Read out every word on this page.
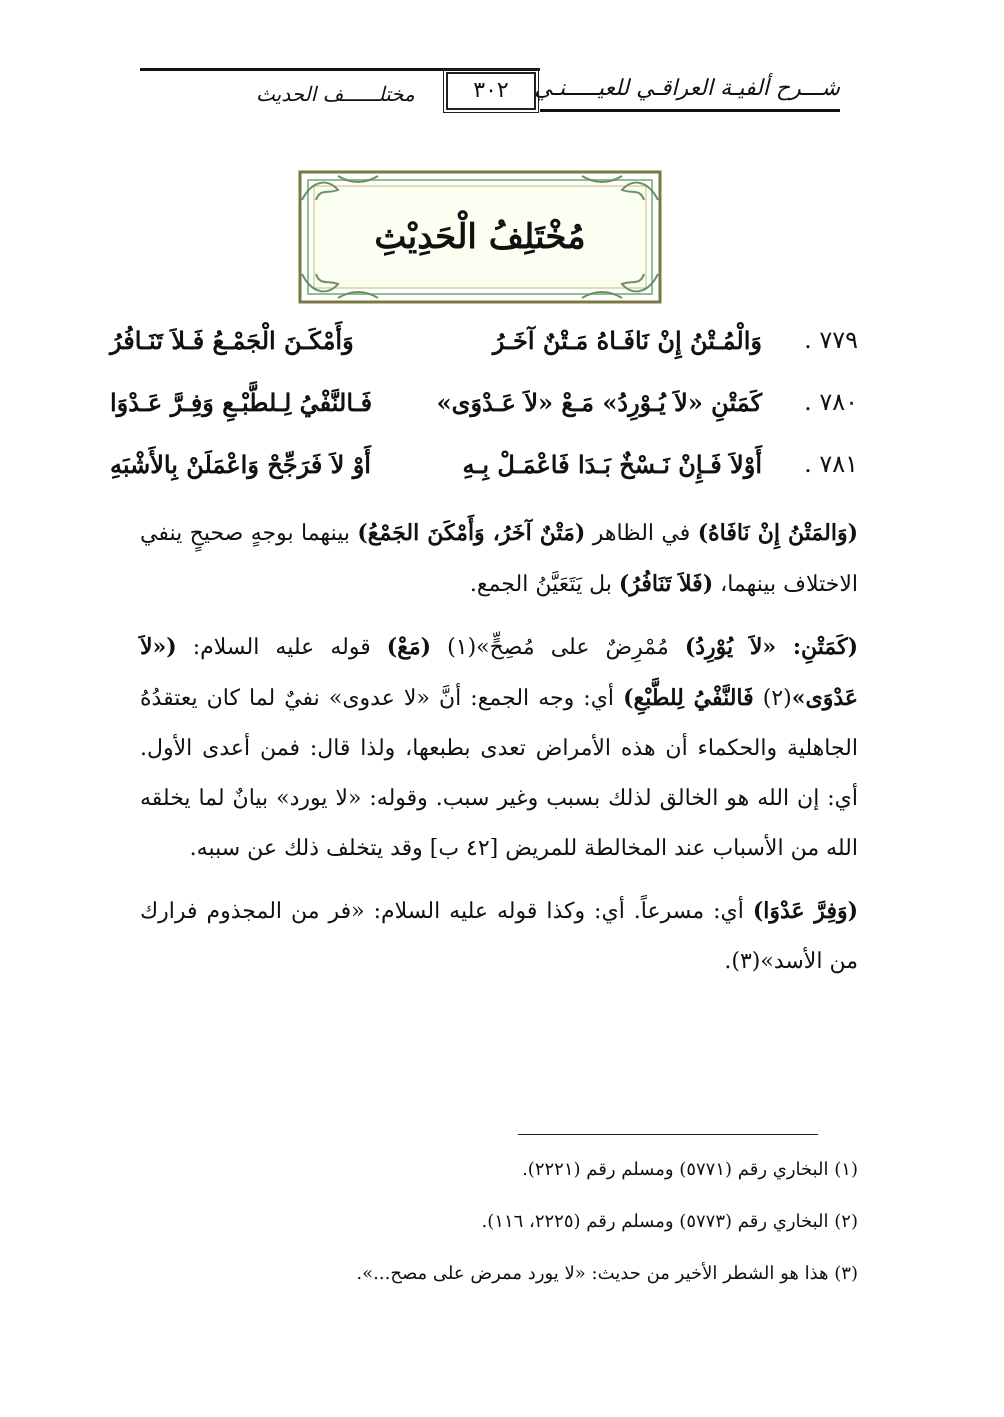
شـــرح ألفيـة العراقـي للعيـــــنـي
٣٠٢
مختلــــــف الحديث
مُخْتَلِفُ الْحَدِيْثِ
٧٧٩ .
وَالْمُـتْنُ إِنْ نَافَـاهُ مَـتْنٌ آخَـرُ
وَأَمْكَـنَ الْجَمْـعُ فَـلاَ تَنَـافُرُ
٧٨٠ .
كَمَتْنِ «لاَ يُـوْرِدُ» مَـعْ «لاَ عَـدْوَى»
فَـالنَّفْيُ لِـلطَّبْـعِ وَفِـرَّ عَـدْوَا
٧٨١ .
أَوْلاَ فَـإِنْ نَـسْخٌ بَـدَا فَاعْمَـلْ بِـهِ
أَوْ لاَ فَرَجِّحْ وَاعْمَلَنْ بِالأَشْبَهِ

(وَالمَتْنُ إِنْ نَافَاهُ) في الظاهر (مَتْنٌ آخَرُ، وَأَمْكَنَ الجَمْعُ) بينهما بوجهٍ صحيحٍ ينفي الاختلاف بينهما، (فَلاَ تَنَافُرُ) بل يَتَعَيَّنُ الجمع.

(كَمَتْنِ: «لاَ يُوْرِدُ) مُمْرِضٌ على مُصِحٍّ»(١) (مَعْ) قوله عليه السلام: («لاَ عَدْوَى»(٢) فَالنَّفْيُ لِلطَّبْعِ) أي: وجه الجمع: أنَّ «لا عدوى» نفيٌ لما كان يعتقدُهُ الجاهلية والحكماء أن هذه الأمراض تعدى بطبعها، ولذا قال: فمن أعدى الأول. أي: إن الله هو الخالق لذلك بسبب وغير سبب. وقوله: «لا يورد» بيانٌ لما يخلقه الله من الأسباب عند المخالطة للمريض [٤٢ ب] وقد يتخلف ذلك عن سببه.

(وَفِرَّ عَدْوَا) أي: مسرعاً. أي: وكذا قوله عليه السلام: «فر من المجذوم فرارك من الأسد»(٣).

(١) البخاري رقم (٥٧٧١) ومسلم رقم (٢٢٢١).
(٢) البخاري رقم (٥٧٧٣) ومسلم رقم (٢٢٢٥، ١١٦).
(٣) هذا هو الشطر الأخير من حديث: «لا يورد ممرض على مصح...».
